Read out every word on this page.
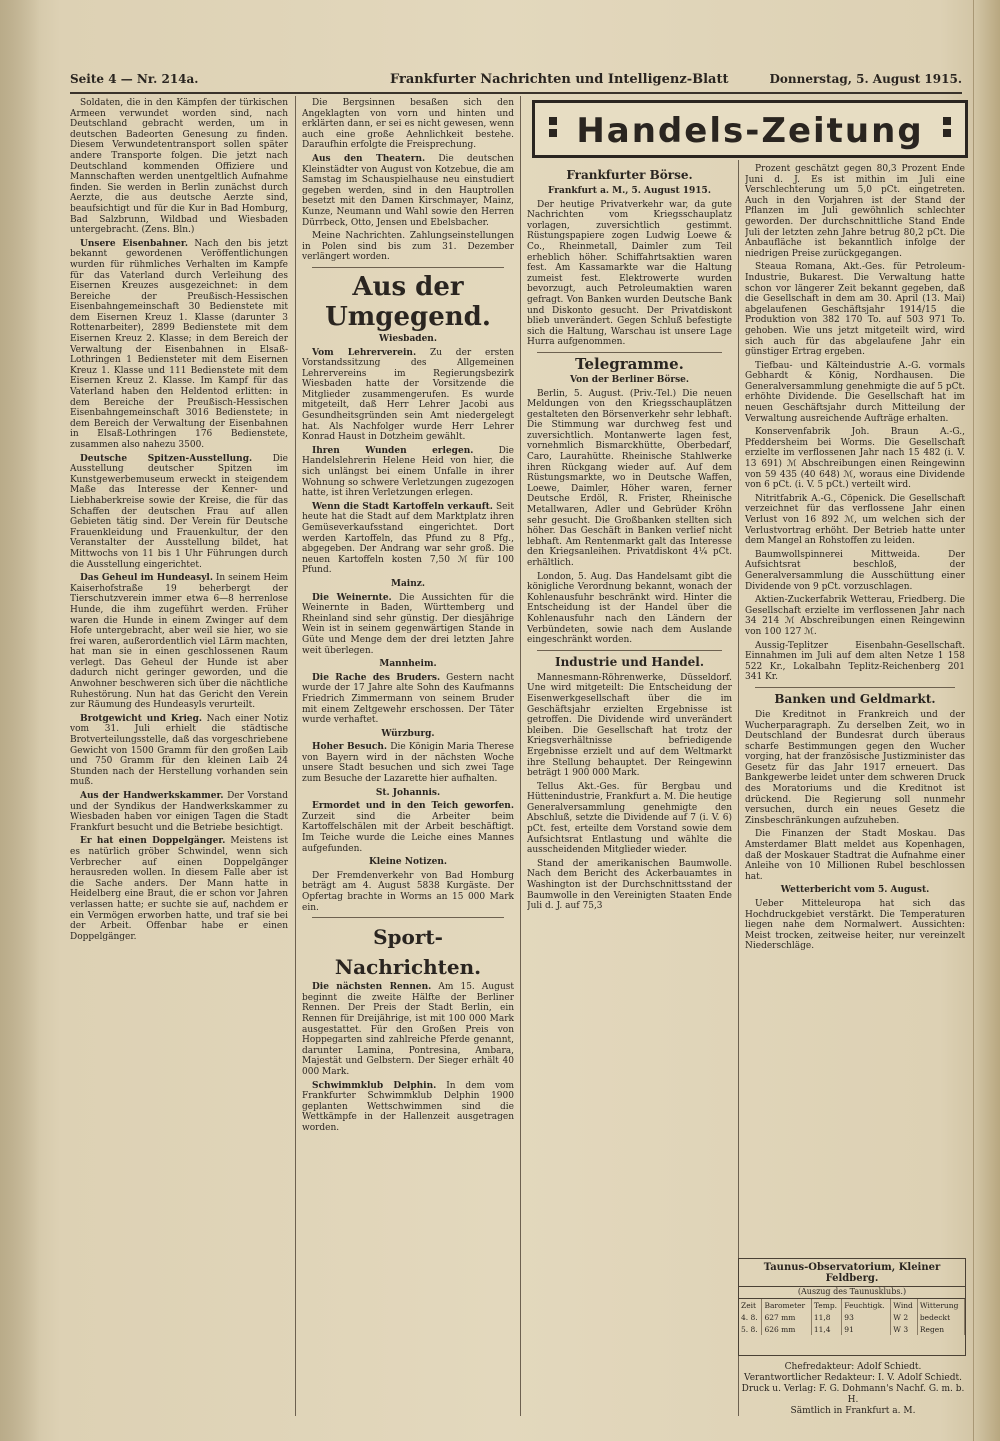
Seite 4 — Nr. 214a.	Frankfurter Nachrichten und Intelligenz-Blatt	Donnerstag, 5. August 1915.

Soldaten, die in den Kämpfen der türkischen Armeen verwundet worden sind, nach Deutschland gebracht werden, um in deutschen Badeorten Genesung zu finden. Diesem Verwundetentransport sollen später andere Transporte folgen. Die jetzt nach Deutschland kommenden Offiziere und Mannschaften werden unentgeltlich Aufnahme finden. Sie werden in Berlin zunächst durch Aerzte, die aus deutsche Aerzte sind, beaufsichtigt und für die Kur in Bad Homburg, Bad Salzbrunn, Wildbad und Wiesbaden untergebracht. (Zens. Bln.)

Unsere Eisenbahner. Nach den bis jetzt bekannt gewordenen Veröffentlichungen wurden für rühmliches Verhalten im Kampfe für das Vaterland durch Verleihung des Eisernen Kreuzes ausgezeichnet: in dem Bereiche der Preußisch-Hessischen Eisenbahngemeinschaft 30 Bedienstete mit dem Eisernen Kreuz 1. Klasse (darunter 3 Rottenarbeiter), 2899 Bedienstete mit dem Eisernen Kreuz 2. Klasse; in dem Bereich der Verwaltung der Eisenbahnen in Elsaß-Lothringen 1 Bediensteter mit dem Eisernen Kreuz 1. Klasse und 111 Bedienstete mit dem Eisernen Kreuz 2. Klasse. Im Kampf für das Vaterland haben den Heldentod erlitten: in dem Bereiche der Preußisch-Hessischen Eisenbahngemeinschaft 3016 Bedienstete; in dem Bereich der Verwaltung der Eisenbahnen in Elsaß-Lothringen 176 Bedienstete, zusammen also nahezu 3500.

Deutsche Spitzen-Ausstellung. Die Ausstellung deutscher Spitzen im Kunstgewerbemuseum erweckt in steigendem Maße das Interesse der Kenner- und Liebhaberkreise sowie der Kreise, die für das Schaffen der deutschen Frau auf allen Gebieten tätig sind. Der Verein für Deutsche Frauenkleidung und Frauenkultur, der den Veranstalter der Ausstellung bildet, hat Mittwochs von 11 bis 1 Uhr Führungen durch die Ausstellung eingerichtet.

Das Geheul im Hundeasyl. In seinem Heim Kaiserhofstraße 19 beherbergt der Tierschutzverein immer etwa 6—8 herrenlose Hunde, die ihm zugeführt werden. Früher waren die Hunde in einem Zwinger auf dem Hofe untergebracht, aber weil sie hier, wo sie frei waren, außerordentlich viel Lärm machten, hat man sie in einen geschlossenen Raum verlegt. Das Geheul der Hunde ist aber dadurch nicht geringer geworden, und die Anwohner beschweren sich über die nächtliche Ruhestörung. Nun hat das Gericht den Verein zur Räumung des Hundeasyls verurteilt.

Brotgewicht und Krieg. Nach einer Notiz vom 31. Juli erhielt die städtische Brotverteilungsstelle, daß das vorgeschriebene Gewicht von 1500 Gramm für den großen Laib und 750 Gramm für den kleinen Laib 24 Stunden nach der Herstellung vorhanden sein muß.

Aus der Handwerkskammer. Der Vorstand und der Syndikus der Handwerkskammer zu Wiesbaden haben vor einigen Tagen die Stadt Frankfurt besucht und die Betriebe besichtigt.

Er hat einen Doppelgänger. Meistens ist es natürlich gröber Schwindel, wenn sich Verbrecher auf einen Doppelgänger herausreden wollen. In diesem Falle aber ist die Sache anders. Der Mann hatte in Heidelberg eine Braut, die er schon vor Jahren verlassen hatte; er suchte sie auf, nachdem er ein Vermögen erworben hatte, und traf sie bei der Arbeit. Offenbar habe er einen Doppelgänger.

Die Bergsinnen besaßen sich den Angeklagten von vorn und hinten und erklärten dann, er sei es nicht gewesen, wenn auch eine große Aehnlichkeit bestehe. Daraufhin erfolgte die Freisprechung.

Aus den Theatern. Die deutschen Kleinstädter von August von Kotzebue, die am Samstag im Schauspielhause neu einstudiert gegeben werden, sind in den Hauptrollen besetzt mit den Damen Kirschmayer, Mainz, Kunze, Neumann und Wahl sowie den Herren Dürrbeck, Otto, Jensen und Ebelsbacher.

Meine Nachrichten. Zahlungseinstellungen in Polen sind bis zum 31. Dezember verlängert worden.

Aus der Umgegend.
Wiesbaden.

Vom Lehrerverein. Zu der ersten Vorstandssitzung des Allgemeinen Lehrervereins im Regierungsbezirk Wiesbaden hatte der Vorsitzende die Mitglieder zusammengerufen. Es wurde mitgeteilt, daß Herr Lehrer Jacobi aus Gesundheitsgründen sein Amt niedergelegt hat. Als Nachfolger wurde Herr Lehrer Konrad Haust in Dotzheim gewählt.

Ihren Wunden erlegen.	Die Handelslehrerin Helene Heid von hier, die sich unlängst bei einem Unfalle in ihrer Wohnung so schwere Verletzungen zugezogen hatte, ist ihren Verletzungen erlegen.

Wenn die Stadt Kartoffeln verkauft. Seit heute hat die Stadt auf dem Marktplatz ihren Gemüseverkaufsstand eingerichtet. Dort werden Kartoffeln, das Pfund zu 8 Pfg., abgegeben. Der Andrang war sehr groß. Die neuen Kartoffeln kosten 7,50 ℳ für 100 Pfund.

Mainz.

Die Weinernte. Die Aussichten für die Weinernte in Baden, Württemberg und Rheinland sind sehr günstig. Der diesjährige Wein ist in seinem gegenwärtigen Stande in Güte und Menge dem der drei letzten Jahre weit überlegen.

Mannheim.

Die Rache des Bruders. Gestern nacht wurde der 17 Jahre alte Sohn des Kaufmanns Friedrich Zimmermann von seinem Bruder mit einem Zeltgewehr erschossen. Der Täter wurde verhaftet.

Würzburg.

Hoher Besuch. Die Königin Maria Therese von Bayern wird in der nächsten Woche unsere Stadt besuchen und sich zwei Tage zum Besuche der Lazarette hier aufhalten.

St. Johannis.

Ermordet und in den Teich geworfen. Zurzeit sind die Arbeiter beim Kartoffelschälen mit der Arbeit beschäftigt. Im Teiche wurde die Leiche eines Mannes aufgefunden.

Kleine Notizen.

Der Fremdenverkehr von Bad Homburg beträgt am 4. August 5838 Kurgäste. Der Opfertag brachte in Worms an 15 000 Mark ein.

Sport-Nachrichten.

Die nächsten Rennen. Am 15. August beginnt die zweite Hälfte der Berliner Rennen. Der Preis der Stadt Berlin, ein Rennen für Dreijährige, ist mit 100 000 Mark ausgestattet. Für den Großen Preis von Hoppegarten sind zahlreiche Pferde genannt, darunter Lamina, Pontresina, Ambara, Majestät und Gelbstern. Der Sieger erhält 40 000 Mark.

Schwimmklub Delphin. In dem vom Frankfurter Schwimmklub Delphin 1900 geplanten Wettschwimmen sind die Wettkämpfe in der Hallenzeit ausgetragen worden.

Handels-Zeitung
Frankfurter Börse.
Frankfurt a. M., 5. August 1915.

Der heutige Privatverkehr war, da gute Nachrichten vom Kriegsschauplatz vorlagen, zuversichtlich gestimmt. Rüstungspapiere zogen Ludwig Loewe & Co., Rheinmetall, Daimler zum Teil erheblich höher. Schiffahrtsaktien waren fest. Am Kassamarkte war die Haltung zumeist fest. Elektrowerte wurden bevorzugt, auch Petroleumaktien waren gefragt. Von Banken wurden Deutsche Bank und Diskonto gesucht. Der Privatdiskont blieb unverändert. Gegen Schluß befestigte sich die Haltung, Warschau ist unsere Lage Hurra aufgenommen.

Telegramme.
Von der Berliner Börse.

Berlin, 5. August. (Priv.-Tel.) Die neuen Meldungen von den Kriegsschauplätzen gestalteten den Börsenverkehr sehr lebhaft. Die Stimmung war durchweg fest und zuversichtlich. Montanwerte lagen fest, vornehmlich Bismarckhütte, Oberbedarf, Caro, Laurahütte. Rheinische Stahlwerke ihren Rückgang wieder auf. Auf dem Rüstungsmarkte, wo in Deutsche Waffen, Loewe, Daimler, Höher waren, ferner Deutsche Erdöl, R. Frister, Rheinische Metallwaren, Adler und Gebrüder Kröhn sehr gesucht. Die Großbanken stellten sich höher. Das Geschäft in Banken verlief nicht lebhaft. Am Rentenmarkt galt das Interesse den Kriegsanleihen. Privatdiskont 4¼ pCt. erhältlich.

London, 5. Aug. Das Handelsamt gibt die königliche Verordnung bekannt, wonach der Kohlenausfuhr beschränkt wird. Hinter die Entscheidung ist der Handel über die Kohlenausfuhr nach den Ländern der Verbündeten, sowie nach dem Auslande eingeschränkt worden.

Industrie und Handel.

Mannesmann-Röhrenwerke, Düsseldorf. Une wird mitgeteilt: Die Entscheidung der Eisenwerkgesellschaft über die im Geschäftsjahr erzielten Ergebnisse ist getroffen. Die Dividende wird unverändert bleiben. Die Gesellschaft hat trotz der Kriegsverhältnisse befriedigende Ergebnisse erzielt und auf dem Weltmarkt ihre Stellung behauptet. Der Reingewinn beträgt 1 900 000 Mark.

Tellus Akt.-Ges. für Bergbau und Hüttenindustrie, Frankfurt a. M. Die heutige Generalversammlung genehmigte den Abschluß, setzte die Dividende auf 7 (i. V. 6) pCt. fest, erteilte dem Vorstand sowie dem Aufsichtsrat Entlastung und wählte die ausscheidenden Mitglieder wieder.

Stand der amerikanischen Baumwolle. Nach dem Bericht des Ackerbauamtes in Washington ist der Durchschnittsstand der Baumwolle in den Vereinigten Staaten Ende Juli d. J. auf 75,3

Prozent geschätzt gegen 80,3 Prozent Ende Juni d. J. Es ist mithin im Juli eine Verschlechterung um 5,0 pCt. eingetreten. Auch in den Vorjahren ist der Stand der Pflanzen im Juli gewöhnlich schlechter geworden. Der durchschnittliche Stand Ende Juli der letzten zehn Jahre betrug 80,2 pCt. Die Anbaufläche ist bekanntlich infolge der niedrigen Preise zurückgegangen.

Steaua Romana, Akt.-Ges. für Petroleum-Industrie, Bukarest. Die Verwaltung hatte schon vor längerer Zeit bekannt gegeben, daß die Gesellschaft in dem am 30. April (13. Mai) abgelaufenen Geschäftsjahr 1914/15 die Produktion von 382 170 To. auf 503 971 To. gehoben. Wie uns jetzt mitgeteilt wird, wird sich auch für das abgelaufene Jahr ein günstiger Ertrag ergeben.

Tiefbau- und Kälteindustrie A.-G. vormals Gebhardt & König, Nordhausen. Die Generalversammlung genehmigte die auf 5 pCt. erhöhte Dividende. Die Gesellschaft hat im neuen Geschäftsjahr durch Mitteilung der Verwaltung ausreichende Aufträge erhalten.

Konservenfabrik Joh. Braun A.-G., Pfeddersheim bei Worms. Die Gesellschaft erzielte im verflossenen Jahr nach 15 482 (i. V. 13 691) ℳ Abschreibungen einen Reingewinn von 59 435 (40 648) ℳ, woraus eine Dividende von 6 pCt. (i. V. 5 pCt.) verteilt wird.

Nitritfabrik A.-G., Cöpenick. Die Gesellschaft verzeichnet für das verflossene Jahr einen Verlust von 16 892 ℳ, um welchen sich der Verlustvortrag erhöht. Der Betrieb hatte unter dem Mangel an Rohstoffen zu leiden.

Baumwollspinnerei Mittweida. Der Aufsichtsrat beschloß, der Generalversammlung die Ausschüttung einer Dividende von 9 pCt. vorzuschlagen.

Aktien-Zuckerfabrik Wetterau, Friedberg. Die Gesellschaft erzielte im verflossenen Jahr nach 34 214 ℳ Abschreibungen einen Reingewinn von 100 127 ℳ.

Aussig-Teplitzer Eisenbahn-Gesellschaft. Einnahmen im Juli auf dem alten Netze 1 158 522 Kr., Lokalbahn Teplitz-Reichenberg 201 341 Kr.

Banken und Geldmarkt.

Die Kreditnot in Frankreich und der Wucherparagraph. Zu derselben Zeit, wo in Deutschland der Bundesrat durch überaus scharfe Bestimmungen gegen den Wucher vorging, hat der französische Justizminister das Gesetz für das Jahr 1917 erneuert. Das Bankgewerbe leidet unter dem schweren Druck des Moratoriums und die Kreditnot ist drückend. Die Regierung soll nunmehr versuchen, durch ein neues Gesetz die Zinsbeschränkungen aufzuheben.

Die Finanzen der Stadt Moskau. Das Amsterdamer Blatt meldet aus Kopenhagen, daß der Moskauer Stadtrat die Aufnahme einer Anleihe von 10 Millionen Rubel beschlossen hat.

Wetterbericht vom 5. August.

Ueber Mitteleuropa hat sich das Hochdruckgebiet verstärkt. Die Temperaturen liegen nahe dem Normalwert. Aussichten: Meist trocken, zeitweise heiter, nur vereinzelt Niederschläge.

Taunus-Observatorium, Kleiner Feldberg.
(Auszug des Taunusklubs.)
Zeit	Barometer	Temp.	Feuchtigk.	Wind	Witterung
4. 8.	627 mm	11,8	93	W 2	bedeckt
5. 8.	626 mm	11,4	91	W 3	Regen
Chefredakteur: Adolf Schiedt.
Verantwortlicher Redakteur: I. V. Adolf Schiedt.
Druck u. Verlag: F. G. Dohmann's Nachf. G. m. b. H.
Sämtlich in Frankfurt a. M.
